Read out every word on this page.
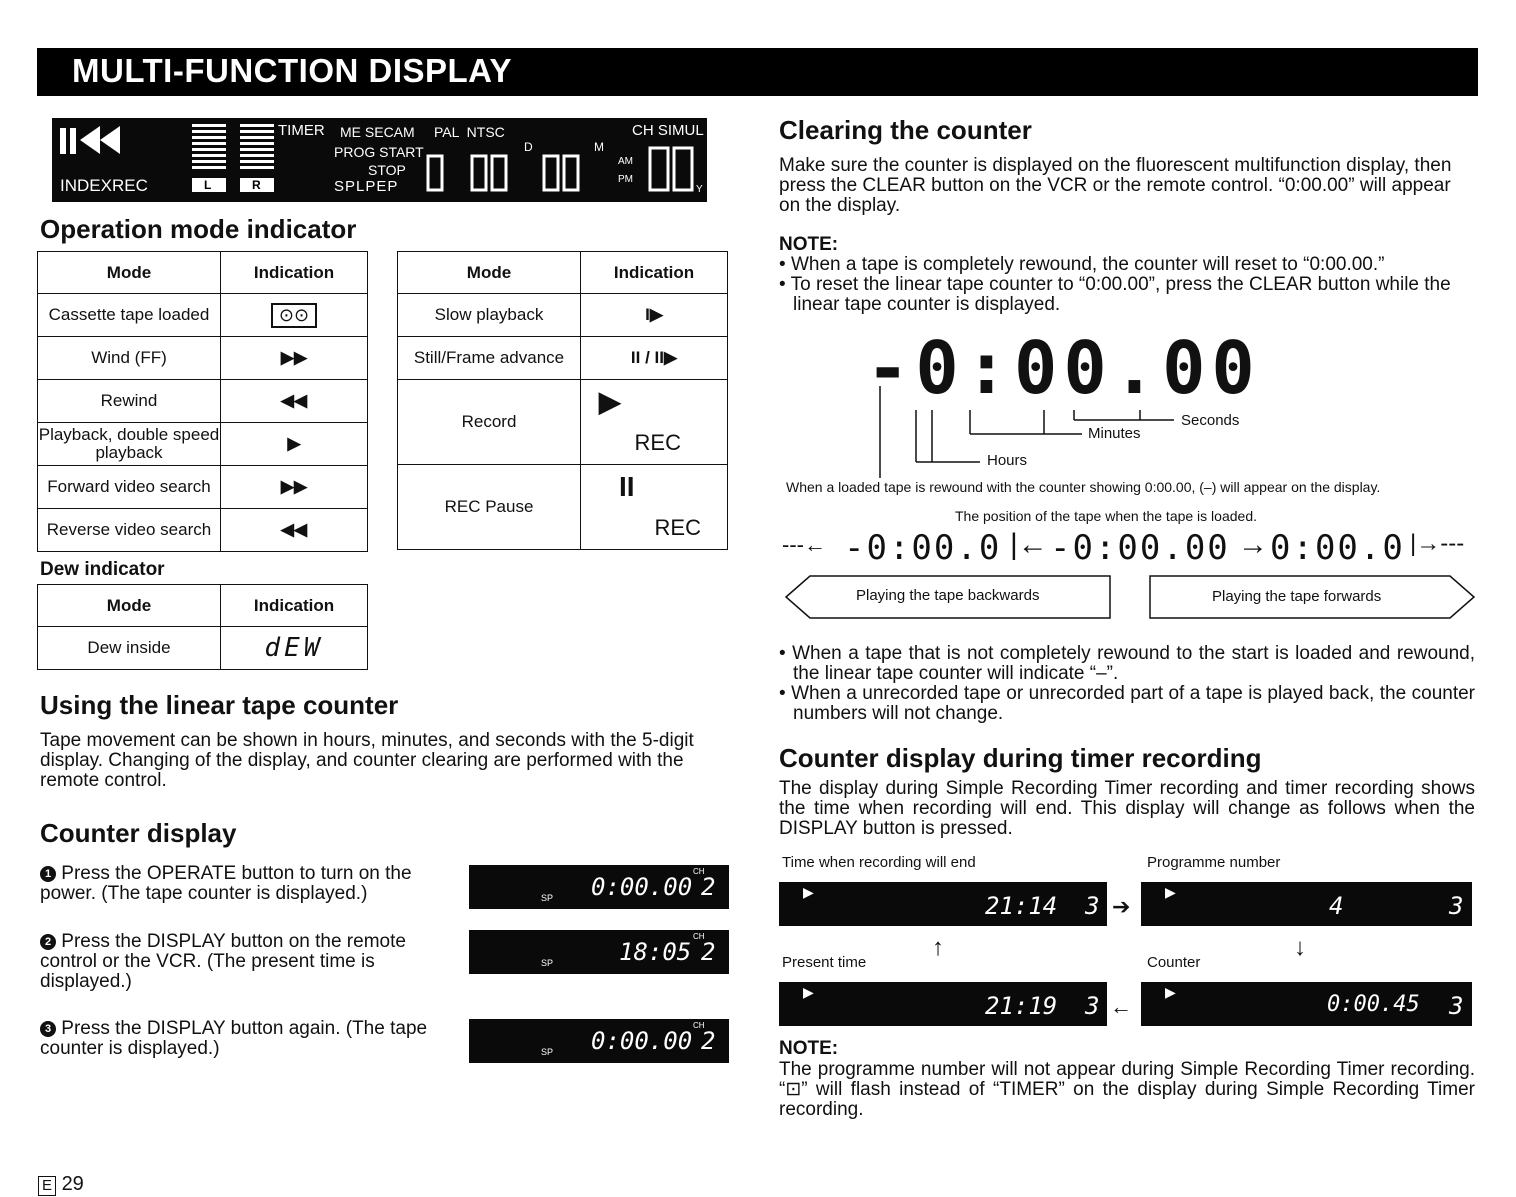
MULTI-FUNCTION DISPLAY
INDEXREC
TIMER ME SECAM PAL  NTSC	CH SIMUL
PROG START
STOP
SPLPEP
D	M
AM
PM
L	R	Y
Operation mode indicator
Mode	Indication
Cassette tape loaded	⊙⊙
Wind (FF)	▶▶
Rewind	◀◀
Playback, double speed playback	▶
Forward video search	▶▶
Reverse video search	◀◀
Mode	Indication
Slow playback	I▶
Still/Frame advance	II / II▶
Record	▶
REC

REC Pause	II
REC
Dew indicator
Mode	Indication
Dew inside	dEW
Using the linear tape counter
Tape movement can be shown in hours, minutes, and seconds with the 5-digit display. Changing of the display, and counter clearing are performed with the remote control.
Counter display
1 Press the OPERATE button to turn on the power. (The tape counter is displayed.)
2 Press the DISPLAY button on the remote control or the VCR. (The present time is displayed.)
3 Press the DISPLAY button again. (The tape counter is displayed.)
SP
CH
0:00.00 2
SP
CH
18:05 2
SP
CH
0:00.00 2
Clearing the counter
Make sure the counter is displayed on the fluorescent multifunction display, then press the CLEAR button on the VCR or the remote control. “0:00.00” will appear on the display.
NOTE:
• When a tape is completely rewound, the counter will reset to “0:00.00.”
• To reset the linear tape counter to “0:00.00”, press the CLEAR button while the linear tape counter is displayed.
-0:00.00
Seconds
Minutes
Hours
When a loaded tape is rewound with the counter showing 0:00.00, (–) will appear on the display.
The position of the tape when the tape is loaded.
---← -0:00.0 |← -0:00.00 → 0:00.0 |→---
Playing the tape backwards	Playing the tape forwards
• When a tape that is not completely rewound to the start is loaded and rewound, the linear tape counter will indicate “–”.
• When a unrecorded tape or unrecorded part of a tape is played back, the counter numbers will not change.
Counter display during timer recording
The display during Simple Recording Timer recording and timer recording shows the time when recording will end. This display will change as follows when the DISPLAY button is pressed.
Time when recording will end	Programme number
▶	21:14 3 ➔
▶	4	3
Present time
↑
Counter
↓
▶	21:19 3 ←
▶	0:00.45 3
NOTE:
The programme number will not appear during Simple Recording Timer recording. “⊡” will flash instead of “TIMER” on the display during Simple Recording Timer recording.
E 29
